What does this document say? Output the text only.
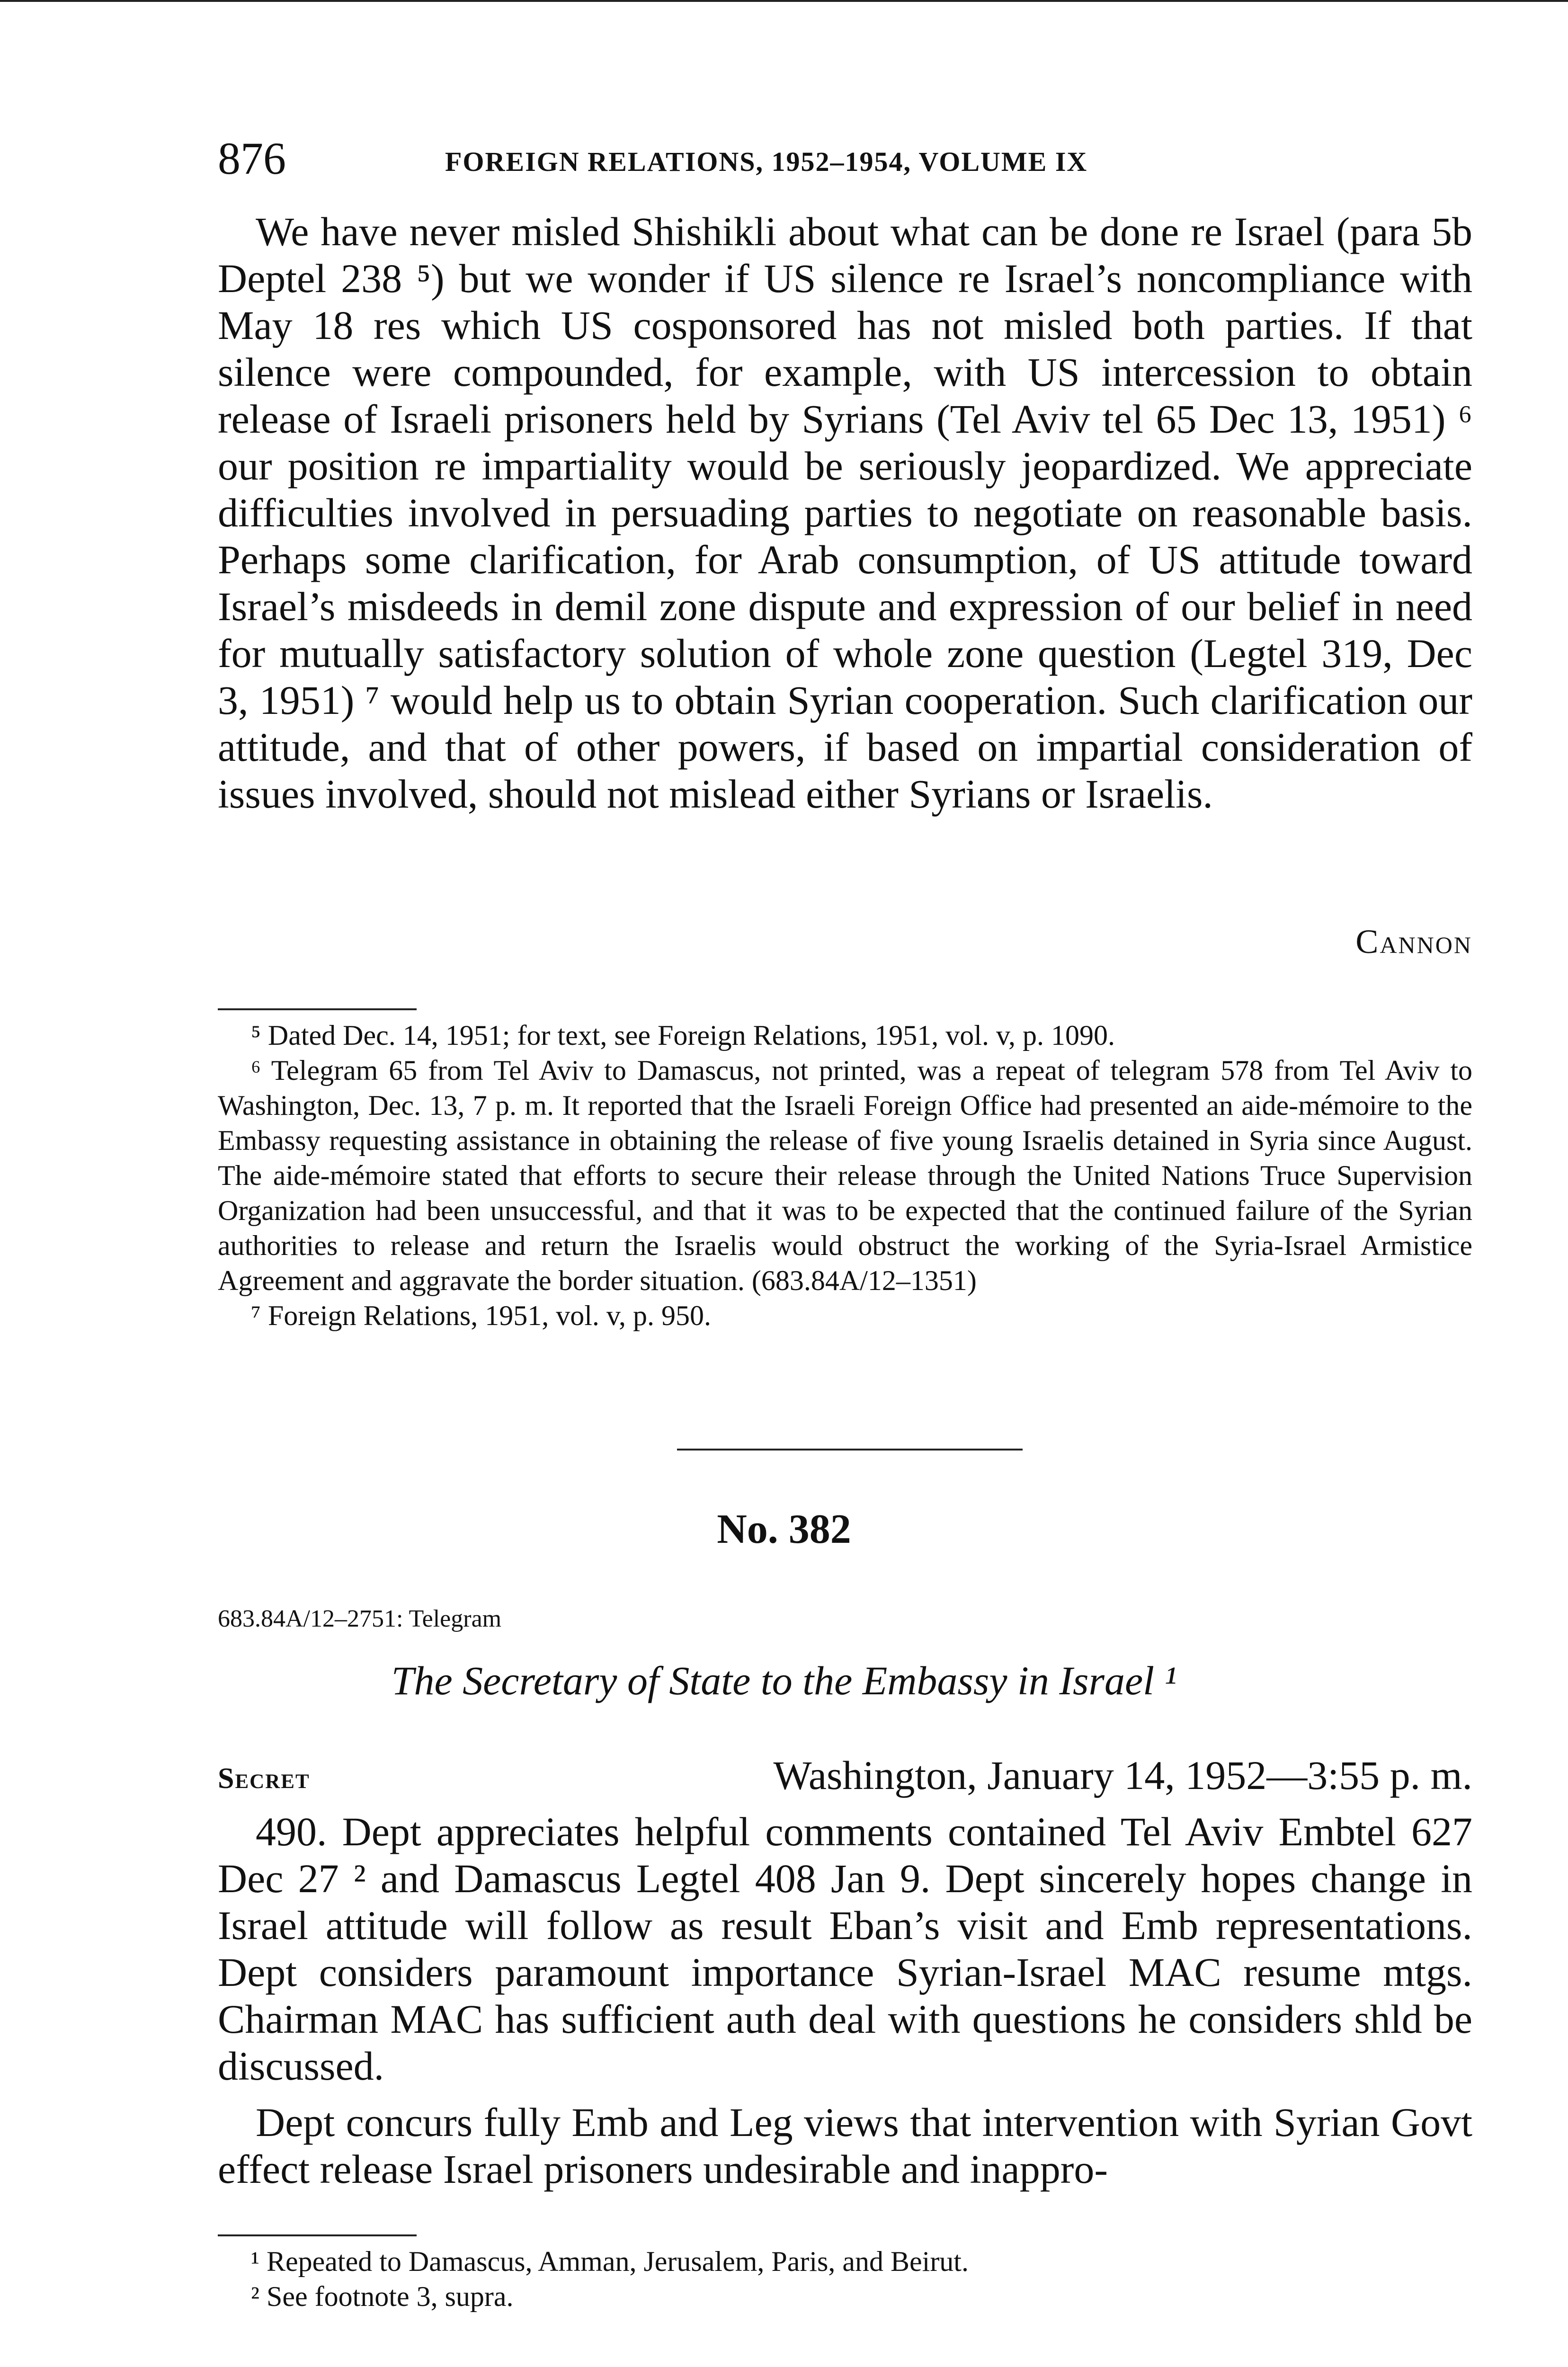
876	FOREIGN RELATIONS, 1952–1954, VOLUME IX

We have never misled Shishikli about what can be done re Israel (para 5b Deptel 238 ⁵) but we wonder if US silence re Israel’s noncompliance with May 18 res which US cosponsored has not misled both parties. If that silence were compounded, for example, with US intercession to obtain release of Israeli prisoners held by Syrians (Tel Aviv tel 65 Dec 13, 1951) ⁶ our position re impartiality would be seriously jeopardized. We appreciate difficulties involved in persuading parties to negotiate on reasonable basis. Perhaps some clarification, for Arab consumption, of US attitude toward Israel’s misdeeds in demil zone dispute and expression of our belief in need for mutually satisfactory solution of whole zone question (Legtel 319, Dec 3, 1951) ⁷ would help us to obtain Syrian cooperation. Such clarification our attitude, and that of other powers, if based on impartial consideration of issues involved, should not mislead either Syrians or Israelis.

Cannon

⁵ Dated Dec. 14, 1951; for text, see Foreign Relations, 1951, vol. v, p. 1090.

⁶ Telegram 65 from Tel Aviv to Damascus, not printed, was a repeat of telegram 578 from Tel Aviv to Washington, Dec. 13, 7 p. m. It reported that the Israeli Foreign Office had presented an aide-mémoire to the Embassy requesting assistance in obtaining the release of five young Israelis detained in Syria since August. The aide-mémoire stated that efforts to secure their release through the United Nations Truce Supervision Organization had been unsuccessful, and that it was to be expected that the continued failure of the Syrian authorities to release and return the Israelis would obstruct the working of the Syria-Israel Armistice Agreement and aggravate the border situation. (683.84A/12–1351)

⁷ Foreign Relations, 1951, vol. v, p. 950.

No. 382
683.84A/12–2751: Telegram
The Secretary of State to the Embassy in Israel ¹
Secret	Washington, January 14, 1952—3:55 p. m.

490. Dept appreciates helpful comments contained Tel Aviv Embtel 627 Dec 27 ² and Damascus Legtel 408 Jan 9. Dept sincerely hopes change in Israel attitude will follow as result Eban’s visit and Emb representations. Dept considers paramount importance Syrian-Israel MAC resume mtgs. Chairman MAC has sufficient auth deal with questions he considers shld be discussed.

Dept concurs fully Emb and Leg views that intervention with Syrian Govt effect release Israel prisoners undesirable and inappro-

¹ Repeated to Damascus, Amman, Jerusalem, Paris, and Beirut.

² See footnote 3, supra.
